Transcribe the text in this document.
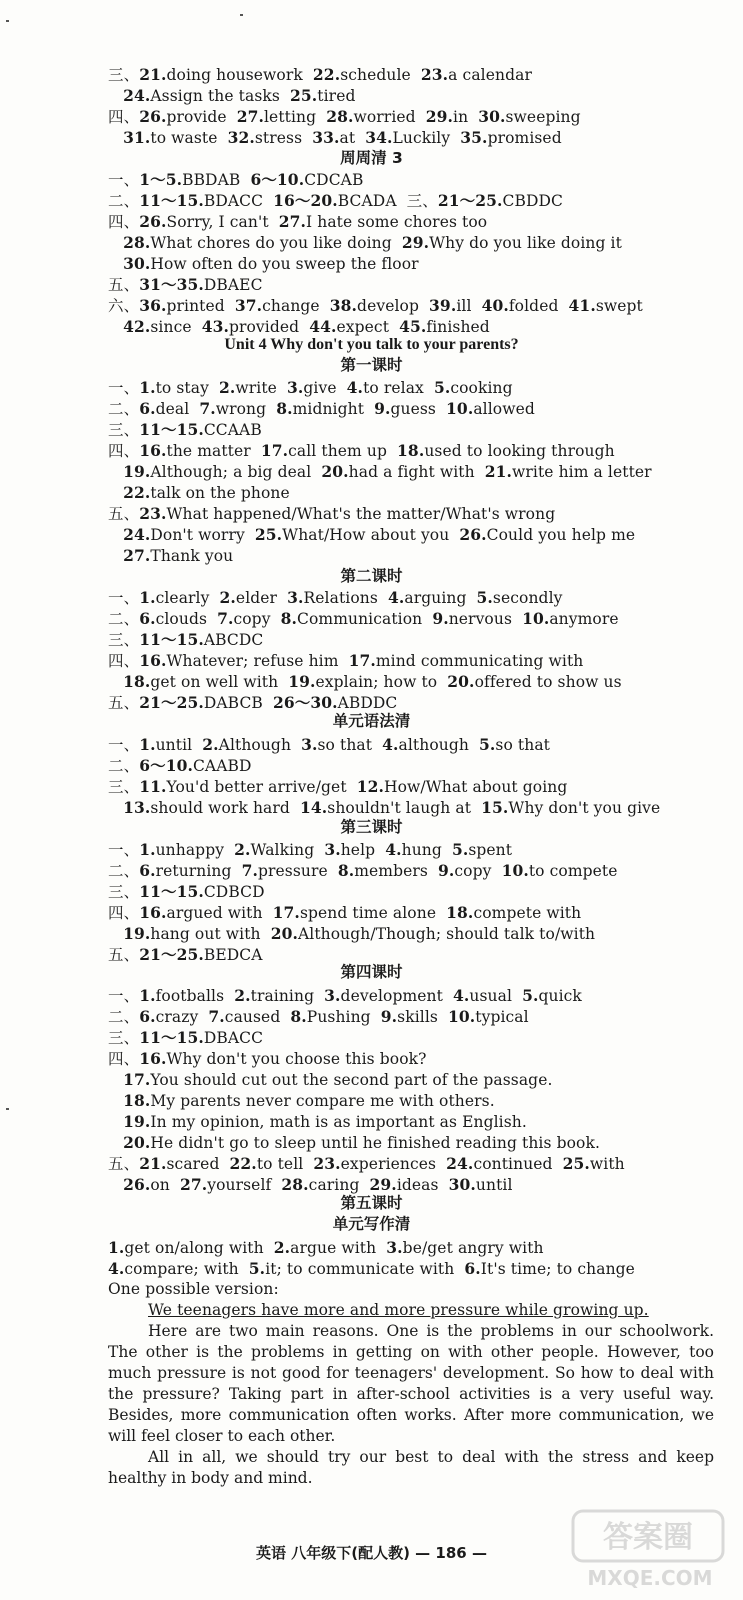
三、21.doing housework  22.schedule  23.a calendar
24.Assign the tasks  25.tired
四、26.provide  27.letting  28.worried  29.in  30.sweeping
31.to waste  32.stress  33.at  34.Luckily  35.promised
一、1～5.BBDAB  6～10.CDCAB
二、11～15.BDACC  16～20.BCADA  三、21～25.CBDDC
四、26.Sorry, I can't  27.I hate some chores too
28.What chores do you like doing  29.Why do you like doing it
30.How often do you sweep the floor
五、31～35.DBAEC
六、36.printed  37.change  38.develop  39.ill  40.folded  41.swept
42.since  43.provided  44.expect  45.finished
一、1.to stay  2.write  3.give  4.to relax  5.cooking
二、6.deal  7.wrong  8.midnight  9.guess  10.allowed
三、11～15.CCAAB
四、16.the matter  17.call them up  18.used to looking through
19.Although; a big deal  20.had a fight with  21.write him a letter
22.talk on the phone
五、23.What happened/What's the matter/What's wrong
24.Don't worry  25.What/How about you  26.Could you help me
27.Thank you
一、1.clearly  2.elder  3.Relations  4.arguing  5.secondly
二、6.clouds  7.copy  8.Communication  9.nervous  10.anymore
三、11～15.ABCDC
四、16.Whatever; refuse him  17.mind communicating with
18.get on well with  19.explain; how to  20.offered to show us
五、21～25.DABCB  26～30.ABDDC
一、1.until  2.Although  3.so that  4.although  5.so that
二、6～10.CAABD
三、11.You'd better arrive/get  12.How/What about going
13.should work hard  14.shouldn't laugh at  15.Why don't you give
一、1.unhappy  2.Walking  3.help  4.hung  5.spent
二、6.returning  7.pressure  8.members  9.copy  10.to compete
三、11～15.CDBCD
四、16.argued with  17.spend time alone  18.compete with
19.hang out with  20.Although/Though; should talk to/with
五、21～25.BEDCA
一、1.footballs  2.training  3.development  4.usual  5.quick
二、6.crazy  7.caused  8.Pushing  9.skills  10.typical
三、11～15.DBACC
四、16.Why don't you choose this book?
17.You should cut out the second part of the passage.
18.My parents never compare me with others.
19.In my opinion, math is as important as English.
20.He didn't go to sleep until he finished reading this book.
五、21.scared  22.to tell  23.experiences  24.continued  25.with
26.on  27.yourself  28.caring  29.ideas  30.until
1.get on/along with  2.argue with  3.be/get angry with
4.compare; with  5.it; to communicate with  6.It's time; to change
周周清 3
Unit 4 Why don't you talk to your parents?
第一课时
第二课时
单元语法清
第三课时
第四课时
第五课时
单元写作清
One possible version:
We teenagers have more and more pressure while growing up.
Here are two main reasons. One is the problems in our schoolwork. The other is the problems in getting on with other people. However, too much pressure is not good for teenagers' development. So how to deal with the pressure? Taking part in after-school activities is a very useful way. Besides, more communication often works. After more communication, we will feel closer to each other.
All in all, we should try our best to deal with the stress and keep healthy in body and mind.
英语 八年级下(配人教) — 186 —	答案圈
MXQE.COM
